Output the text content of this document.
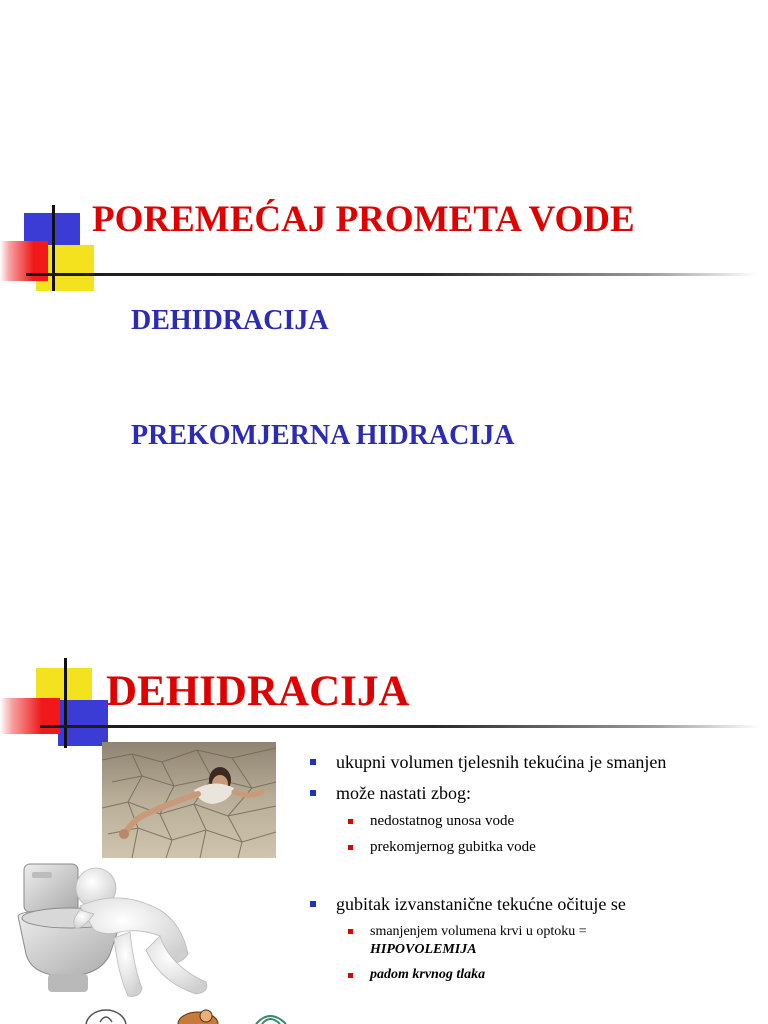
POREMEĆAJ PROMETA VODE

DEHIDRACIJA

PREKOMJERNA HIDRACIJA

DEHIDRACIJA
ukupni volumen tjelesnih tekućina je smanjen
može nastati zbog:
nedostatnog unosa vode
prekomjernog gubitka vode
gubitak izvanstanične tekućne očituje se
smanjenjem volumena krvi u optoku =
HIPOVOLEMIJA
padom krvnog tlaka
